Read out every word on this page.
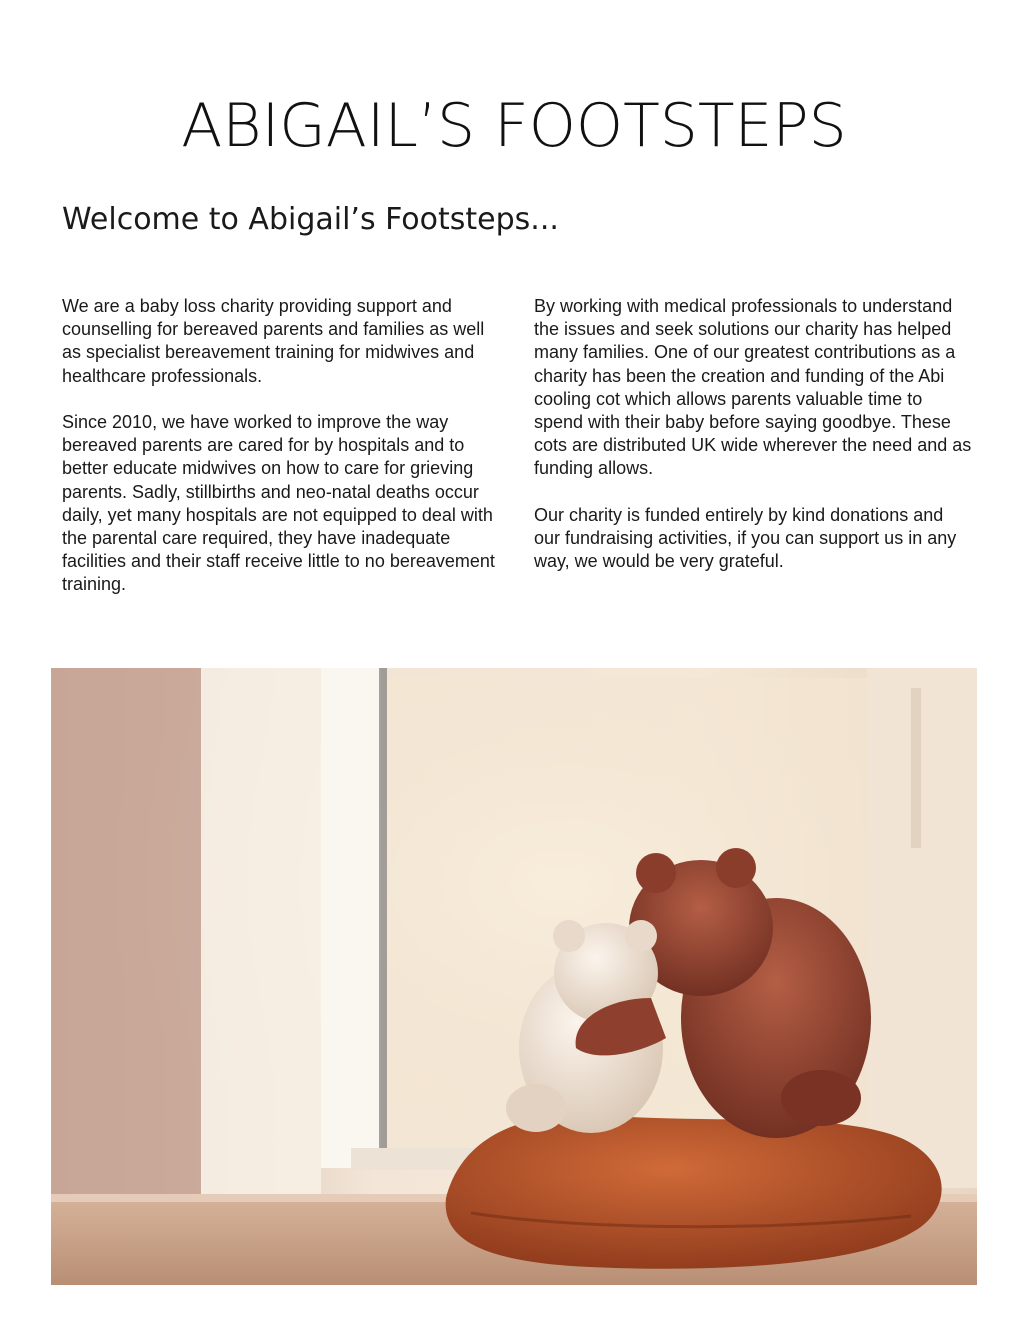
ABIGAIL’S FOOTSTEPS
Welcome to Abigail’s Footsteps...

We are a baby loss charity providing support and counselling for bereaved parents and families as well as specialist bereavement training for midwives and healthcare professionals.

Since 2010, we have worked to improve the way bereaved parents are cared for by hospitals and to better educate midwives on how to care for grieving parents. Sadly, stillbirths and neo-natal deaths occur daily, yet many hospitals are not equipped to deal with the parental care required, they have inadequate facilities and their staff receive little to no bereavement training.

By working with medical professionals to understand the issues and seek solutions our charity has helped many families. One of our greatest contributions as a charity has been the creation and funding of the Abi cooling cot which allows parents valuable time to spend with their baby before saying goodbye. These cots are distributed UK wide wherever the need and as funding allows.

Our charity is funded entirely by kind donations and our fundraising activities, if you can support us in any way, we would be very grateful.
